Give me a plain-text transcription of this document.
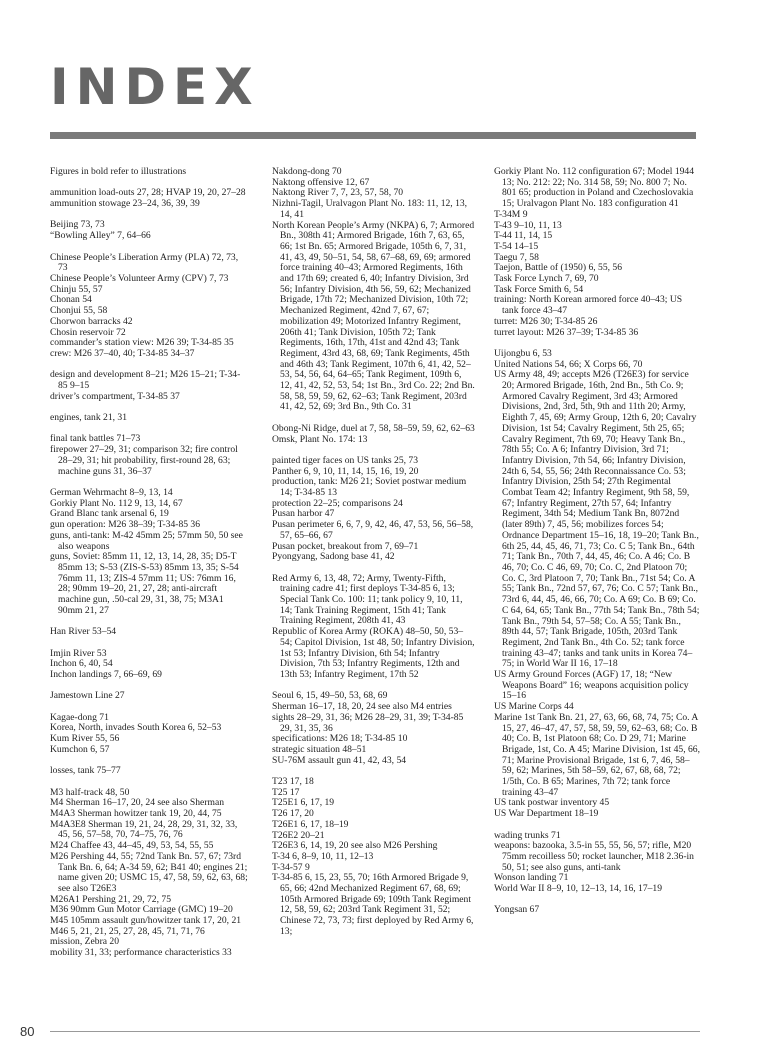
INDEX

Figures in bold refer to illustrations

ammunition load-outs 27, 28; HVAP 19, 20, 27–28

ammunition stowage 23–24, 36, 39, 39

Beijing 73, 73

“Bowling Alley” 7, 64–66

Chinese People’s Liberation Army (PLA) 72, 73, 73

Chinese People’s Volunteer Army (CPV) 7, 73

Chinju 55, 57

Chonan 54

Chonjui 55, 58

Chorwon barracks 42

Chosin reservoir 72

commander’s station view: M26 39; T-34-85 35

crew: M26 37–40, 40; T-34-85 34–37

design and development 8–21; M26 15–21; T-34-85 9–15

driver’s compartment, T-34-85 37

engines, tank 21, 31

final tank battles 71–73

firepower 27–29, 31; comparison 32; fire control 28–29, 31; hit probability, first-round 28, 63; machine guns 31, 36–37

German Wehrmacht 8–9, 13, 14

Gorkiy Plant No. 112 9, 13, 14, 67

Grand Blanc tank arsenal 6, 19

gun operation: M26 38–39; T-34-85 36

guns, anti-tank: M-42 45mm 25; 57mm 50, 50 see also weapons

guns, Soviet: 85mm 11, 12, 13, 14, 28, 35; D5-T 85mm 13; S-53 (ZIS-S-53) 85mm 13, 35; S-54 76mm 11, 13; ZIS-4 57mm 11; US: 76mm 16, 28; 90mm 19–20, 21, 27, 28; anti-aircraft machine gun, .50-cal 29, 31, 38, 75; M3A1 90mm 21, 27

Han River 53–54

Imjin River 53

Inchon 6, 40, 54

Inchon landings 7, 66–69, 69

Jamestown Line 27

Kagae-dong 71

Korea, North, invades South Korea 6, 52–53

Kum River 55, 56

Kumchon 6, 57

losses, tank 75–77

M3 half-track 48, 50

M4 Sherman 16–17, 20, 24 see also Sherman

M4A3 Sherman howitzer tank 19, 20, 44, 75

M4A3E8 Sherman 19, 21, 24, 28, 29, 31, 32, 33, 45, 56, 57–58, 70, 74–75, 76, 76

M24 Chaffee 43, 44–45, 49, 53, 54, 55, 55

M26 Pershing 44, 55; 72nd Tank Bn. 57, 67; 73rd Tank Bn. 6, 64; A-34 59, 62; B41 40; engines 21; name given 20; USMC 15, 47, 58, 59, 62, 63, 68; see also T26E3

M26A1 Pershing 21, 29, 72, 75

M36 90mm Gun Motor Carriage (GMC) 19–20

M45 105mm assault gun/howitzer tank 17, 20, 21

M46 5, 21, 21, 25, 27, 28, 45, 71, 71, 76

mission, Zebra 20

mobility 31, 33; performance characteristics 33

Nakdong-dong 70

Naktong offensive 12, 67

Naktong River 7, 7, 23, 57, 58, 70

Nizhni-Tagil, Uralvagon Plant No. 183: 11, 12, 13, 14, 41

North Korean People’s Army (NKPA) 6, 7; Armored Bn., 308th 41; Armored Brigade, 16th 7, 63, 65, 66; 1st Bn. 65; Armored Brigade, 105th 6, 7, 31, 41, 43, 49, 50–51, 54, 58, 67–68, 69, 69; armored force training 40–43; Armored Regiments, 16th and 17th 69; created 6, 40; Infantry Division, 3rd 56; Infantry Division, 4th 56, 59, 62; Mechanized Brigade, 17th 72; Mechanized Division, 10th 72; Mechanized Regiment, 42nd 7, 67, 67; mobilization 49; Motorized Infantry Regiment, 206th 41; Tank Division, 105th 72; Tank Regiments, 16th, 17th, 41st and 42nd 43; Tank Regiment, 43rd 43, 68, 69; Tank Regiments, 45th and 46th 43; Tank Regiment, 107th 6, 41, 42, 52–53, 54, 56, 64, 64–65; Tank Regiment, 109th 6, 12, 41, 42, 52, 53, 54; 1st Bn., 3rd Co. 22; 2nd Bn. 58, 58, 59, 59, 62, 62–63; Tank Regiment, 203rd 41, 42, 52, 69; 3rd Bn., 9th Co. 31

Obong-Ni Ridge, duel at 7, 58, 58–59, 59, 62, 62–63

Omsk, Plant No. 174: 13

painted tiger faces on US tanks 25, 73

Panther 6, 9, 10, 11, 14, 15, 16, 19, 20

production, tank: M26 21; Soviet postwar medium 14; T-34-85 13

protection 22–25; comparisons 24

Pusan harbor 47

Pusan perimeter 6, 6, 7, 9, 42, 46, 47, 53, 56, 56–58, 57, 65–66, 67

Pusan pocket, breakout from 7, 69–71

Pyongyang, Sadong base 41, 42

Red Army 6, 13, 48, 72; Army, Twenty-Fifth, training cadre 41; first deploys T-34-85 6, 13; Special Tank Co. 100: 11; tank policy 9, 10, 11, 14; Tank Training Regiment, 15th 41; Tank Training Regiment, 208th 41, 43

Republic of Korea Army (ROKA) 48–50, 50, 53–54; Capitol Division, 1st 48, 50; Infantry Division, 1st 53; Infantry Division, 6th 54; Infantry Division, 7th 53; Infantry Regiments, 12th and 13th 53; Infantry Regiment, 17th 52

Seoul 6, 15, 49–50, 53, 68, 69

Sherman 16–17, 18, 20, 24 see also M4 entries

sights 28–29, 31, 36; M26 28–29, 31, 39; T-34-85 29, 31, 35, 36

specifications: M26 18; T-34-85 10

strategic situation 48–51

SU-76M assault gun 41, 42, 43, 54

T23 17, 18

T25 17

T25E1 6, 17, 19

T26 17, 20

T26E1 6, 17, 18–19

T26E2 20–21

T26E3 6, 14, 19, 20 see also M26 Pershing

T-34 6, 8–9, 10, 11, 12–13

T-34-57 9

T-34-85 6, 15, 23, 55, 70; 16th Armored Brigade 9, 65, 66; 42nd Mechanized Regiment 67, 68, 69; 105th Armored Brigade 69; 109th Tank Regiment 12, 58, 59, 62; 203rd Tank Regiment 31, 52; Chinese 72, 73, 73; first deployed by Red Army 6, 13;

Gorkiy Plant No. 112 configuration 67; Model 1944 13; No. 212: 22; No. 314 58, 59; No. 800 7; No. 801 65; production in Poland and Czechoslovakia 15; Uralvagon Plant No. 183 configuration 41

T-34M 9

T-43 9–10, 11, 13

T-44 11, 14, 15

T-54 14–15

Taegu 7, 58

Taejon, Battle of (1950) 6, 55, 56

Task Force Lynch 7, 69, 70

Task Force Smith 6, 54

training: North Korean armored force 40–43; US tank force 43–47

turret: M26 30; T-34-85 26

turret layout: M26 37–39; T-34-85 36

Uijongbu 6, 53

United Nations 54, 66; X Corps 66, 70

US Army 48, 49; accepts M26 (T26E3) for service 20; Armored Brigade, 16th, 2nd Bn., 5th Co. 9; Armored Cavalry Regiment, 3rd 43; Armored Divisions, 2nd, 3rd, 5th, 9th and 11th 20; Army, Eighth 7, 45, 69; Army Group, 12th 6, 20; Cavalry Division, 1st 54; Cavalry Regiment, 5th 25, 65; Cavalry Regiment, 7th 69, 70; Heavy Tank Bn., 78th 55; Co. A 6; Infantry Division, 3rd 71; Infantry Division, 7th 54, 66; Infantry Division, 24th 6, 54, 55, 56; 24th Reconnaissance Co. 53; Infantry Division, 25th 54; 27th Regimental Combat Team 42; Infantry Regiment, 9th 58, 59, 67; Infantry Regiment, 27th 57, 64; Infantry Regiment, 34th 54; Medium Tank Bn, 8072nd (later 89th) 7, 45, 56; mobilizes forces 54; Ordnance Department 15–16, 18, 19–20; Tank Bn., 6th 25, 44, 45, 46, 71, 73; Co. C 5; Tank Bn., 64th 71; Tank Bn., 70th 7, 44, 45, 46; Co. A 46; Co. B 46, 70; Co. C 46, 69, 70; Co. C, 2nd Platoon 70; Co. C, 3rd Platoon 7, 70; Tank Bn., 71st 54; Co. A 55; Tank Bn., 72nd 57, 67, 76; Co. C 57; Tank Bn., 73rd 6, 44, 45, 46, 66, 70; Co. A 69; Co. B 69; Co. C 64, 64, 65; Tank Bn., 77th 54; Tank Bn., 78th 54; Tank Bn., 79th 54, 57–58; Co. A 55; Tank Bn., 89th 44, 57; Tank Brigade, 105th, 203rd Tank Regiment, 2nd Tank Bn., 4th Co. 52; tank force training 43–47; tanks and tank units in Korea 74–75; in World War II 16, 17–18

US Army Ground Forces (AGF) 17, 18; “New Weapons Board” 16; weapons acquisition policy 15–16

US Marine Corps 44

Marine 1st Tank Bn. 21, 27, 63, 66, 68, 74, 75; Co. A 15, 27, 46–47, 47, 57, 58, 59, 59, 62–63, 68; Co. B 40; Co. B, 1st Platoon 68; Co. D 29, 71; Marine Brigade, 1st, Co. A 45; Marine Division, 1st 45, 66, 71; Marine Provisional Brigade, 1st 6, 7, 46, 58–59, 62; Marines, 5th 58–59, 62, 67, 68, 68, 72; 1/5th, Co. B 65; Marines, 7th 72; tank force training 43–47

US tank postwar inventory 45

US War Department 18–19

wading trunks 71

weapons: bazooka, 3.5-in 55, 55, 56, 57; rifle, M20 75mm recoilless 50; rocket launcher, M18 2.36-in 50, 51; see also guns, anti-tank

Wonson landing 71

World War II 8–9, 10, 12–13, 14, 16, 17–19

Yongsan 67

80
